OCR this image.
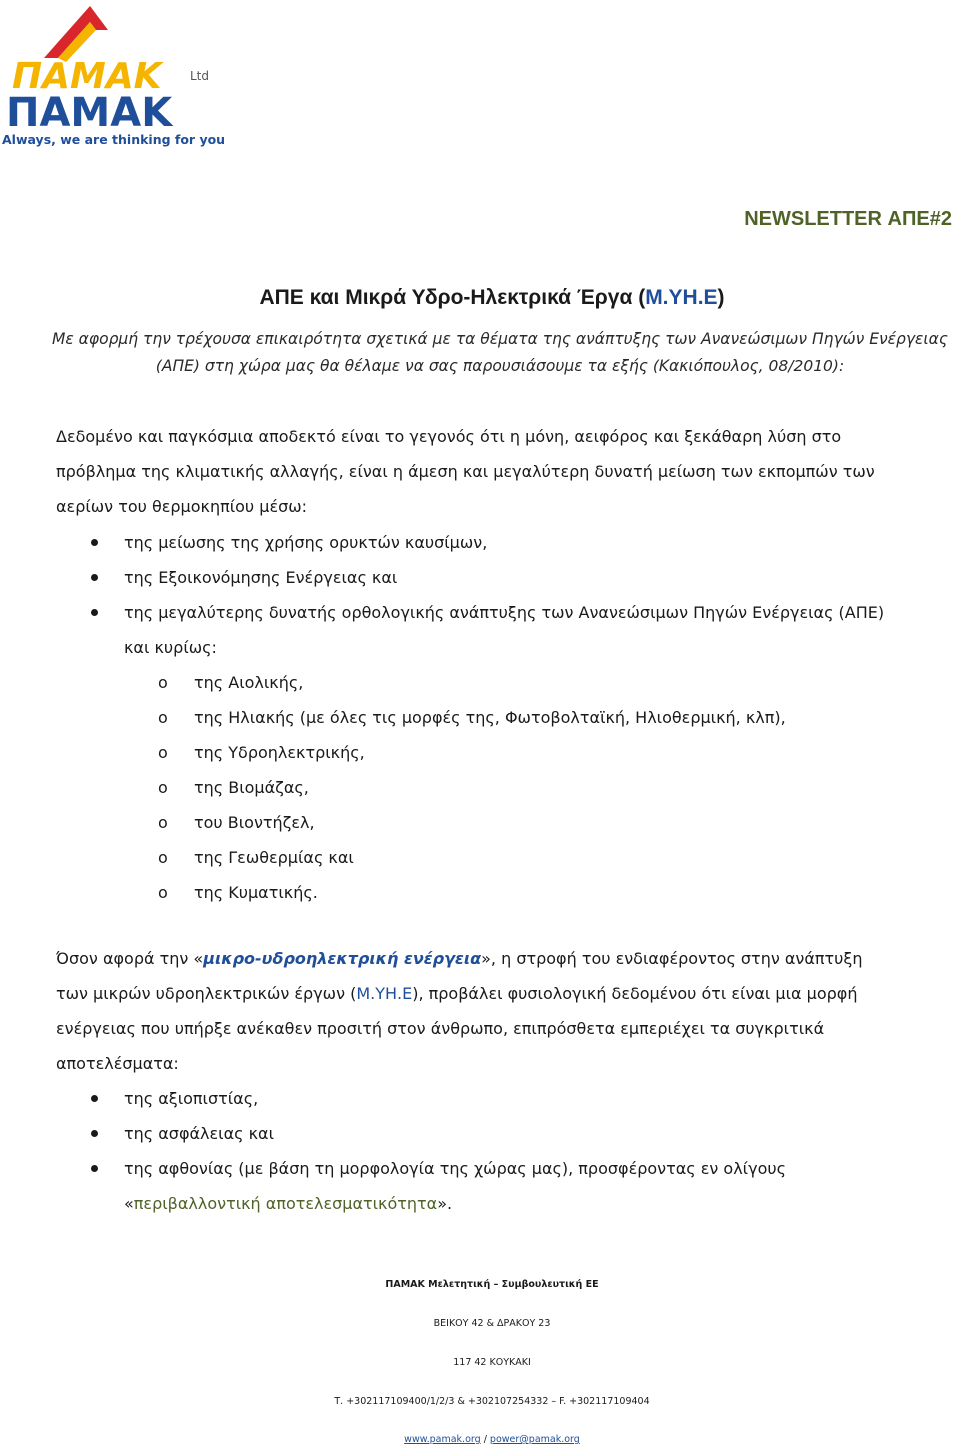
ΠΑΜΑΚ Ltd
ΠΑΜΑΚ
Always, we are thinking for you
NEWSLETTER ΑΠΕ#2
ΑΠΕ και Μικρά Υδρο-Ηλεκτρικά Έργα (Μ.ΥΗ.Ε)
Με αφορμή την τρέχουσα επικαιρότητα σχετικά με τα θέματα της ανάπτυξης των Ανανεώσιμων Πηγών Ενέργειας
(ΑΠΕ) στη χώρα μας θα θέλαμε να σας παρουσιάσουμε τα εξής (Κακιόπουλος, 08/2010):
Δεδομένο και παγκόσμια αποδεκτό είναι το γεγονός ότι η μόνη, αειφόρος και ξεκάθαρη λύση στο
πρόβλημα της κλιματικής αλλαγής, είναι η άμεση και μεγαλύτερη δυνατή μείωση των εκπομπών των
αερίων του θερμοκηπίου μέσω:
της μείωσης της χρήσης ορυκτών καυσίμων,
της Εξοικονόμησης Ενέργειας και
της μεγαλύτερης δυνατής ορθολογικής ανάπτυξης των Ανανεώσιμων Πηγών Ενέργειας (ΑΠΕ)
και κυρίως:
o της Αιολικής,
o της Ηλιακής (με όλες τις μορφές της, Φωτοβολταϊκή, Ηλιοθερμική, κλπ),
o της Υδροηλεκτρικής,
o της Βιομάζας,
o του Βιοντήζελ,
o της Γεωθερμίας και
o της Κυματικής.
Όσον αφορά την «μικρο-υδροηλεκτρική ενέργεια», η στροφή του ενδιαφέροντος στην ανάπτυξη
των μικρών υδροηλεκτρικών έργων (Μ.ΥΗ.Ε), προβάλει φυσιολογική δεδομένου ότι είναι μια μορφή
ενέργειας που υπήρξε ανέκαθεν προσιτή στον άνθρωπο, επιπρόσθετα εμπεριέχει τα συγκριτικά
αποτελέσματα:
της αξιοπιστίας,
της ασφάλειας και
της αφθονίας (με βάση τη μορφολογία της χώρας μας), προσφέροντας εν ολίγους
«περιβαλλοντική αποτελεσματικότητα».
ΠΑΜΑΚ Μελετητική – Συμβουλευτική ΕΕ
ΒΕΙΚΟΥ 42 & ΔΡΑΚΟΥ 23
117 42 ΚΟΥΚΑΚΙ
Τ. +302117109400/1/2/3 & +302107254332 – F. +302117109404
www.pamak.org / power@pamak.org
